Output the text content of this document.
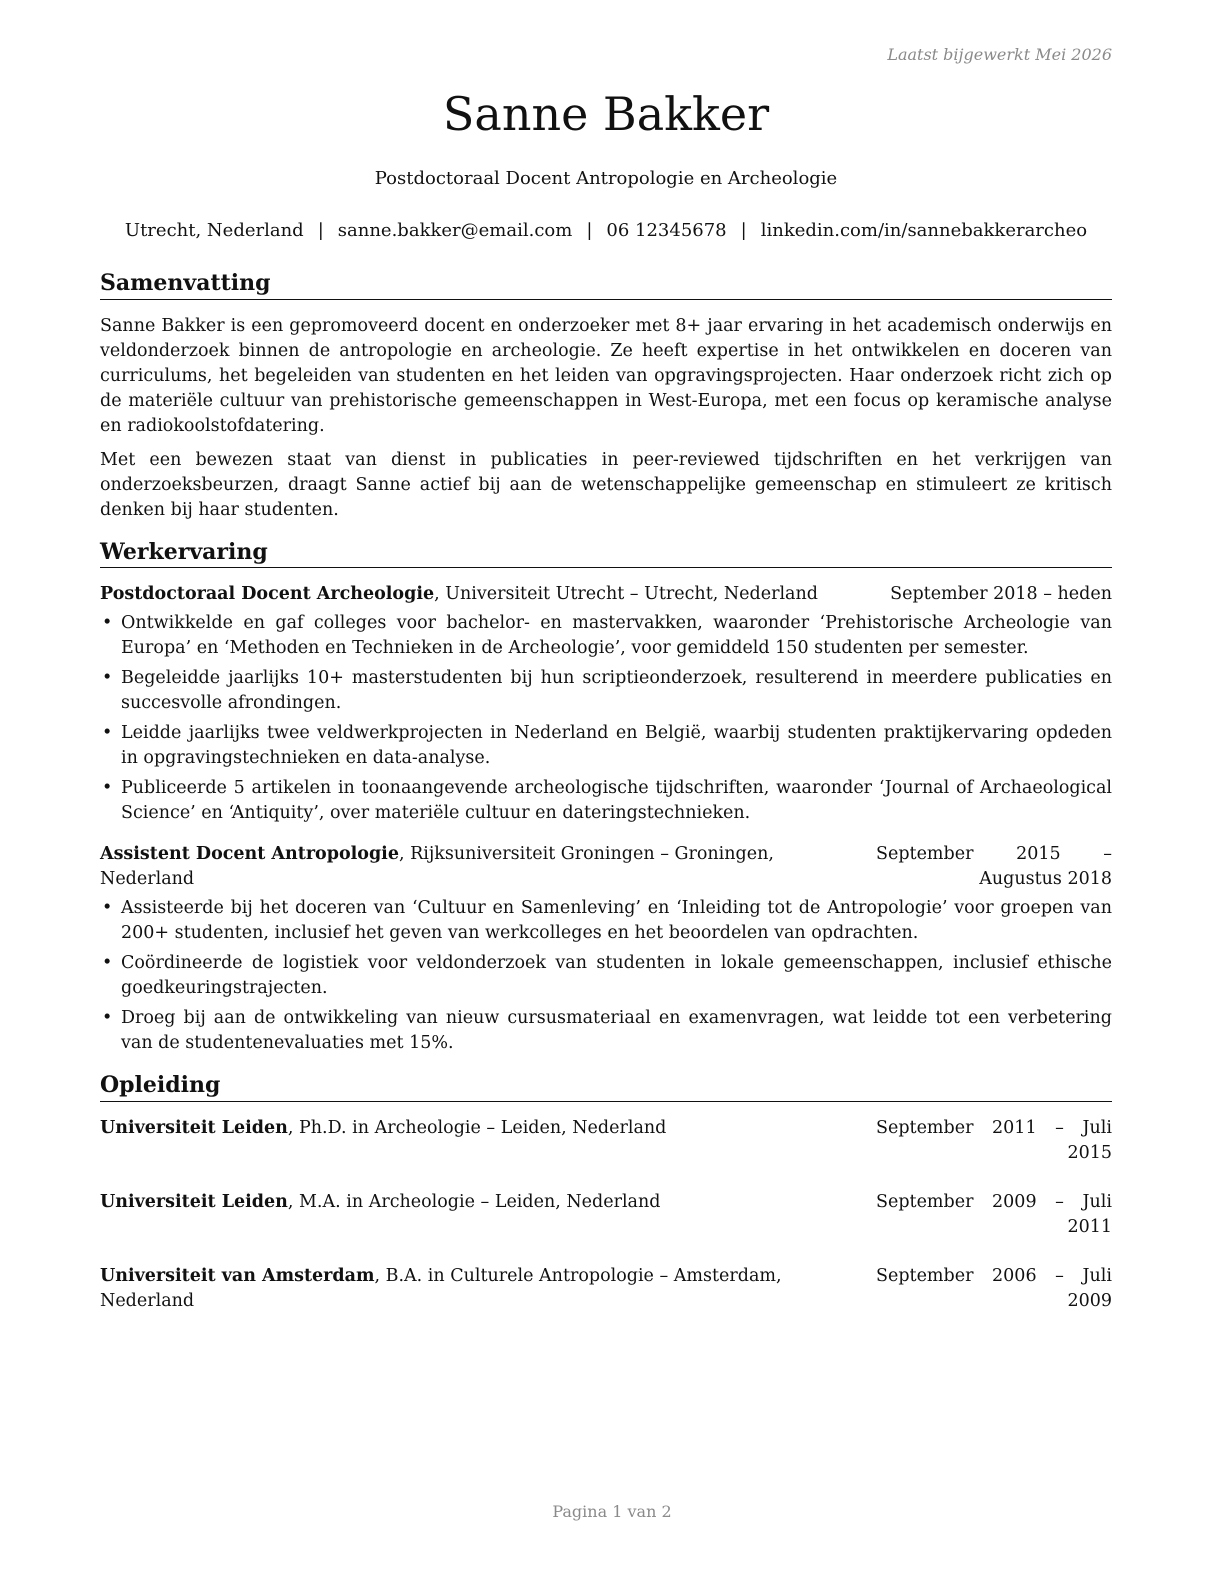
Laatst bijgewerkt Mei 2026
Sanne Bakker
Postdoctoraal Docent Antropologie en Archeologie
Utrecht, Nederland | sanne.bakker@email.com | 06 12345678 | linkedin.com/in/sannebakkerarcheo
Samenvatting

Sanne Bakker is een gepromoveerd docent en onderzoeker met 8+ jaar ervaring in het academisch onderwijs en veldonderzoek binnen de antropologie en archeologie. Ze heeft expertise in het ontwikkelen en doceren van curriculums, het begeleiden van studenten en het leiden van opgravingsprojecten. Haar onderzoek richt zich op de materiële cultuur van prehistorische gemeenschappen in West-Europa, met een focus op keramische analyse en radiokoolstofdatering.

Met een bewezen staat van dienst in publicaties in peer-reviewed tijdschriften en het verkrijgen van onderzoeksbeurzen, draagt Sanne actief bij aan de wetenschappelijke gemeenschap en stimuleert ze kritisch denken bij haar studenten.

Werkervaring
Postdoctoraal Docent Archeologie, Universiteit Utrecht – Utrecht, Nederland	September 2018 – heden
• Ontwikkelde en gaf colleges voor bachelor- en mastervakken, waaronder ‘Prehistorische Archeologie van Europa’ en ‘Methoden en Technieken in de Archeologie’, voor gemiddeld 150 studenten per semester.
• Begeleidde jaarlijks 10+ masterstudenten bij hun scriptieonderzoek, resulterend in meerdere publicaties en succesvolle afrondingen.
• Leidde jaarlijks twee veldwerkprojecten in Nederland en België, waarbij studenten praktijkervaring opdeden in opgravingstechnieken en data-analyse.
• Publiceerde 5 artikelen in toonaangevende archeologische tijdschriften, waaronder ‘Journal of Archaeological Science’ en ‘Antiquity’, over materiële cultuur en dateringstechnieken.
Assistent Docent Antropologie, Rijksuniversiteit Groningen – Groningen, Nederland
September 2015 – Augustus 2018
• Assisteerde bij het doceren van ‘Cultuur en Samenleving’ en ‘Inleiding tot de Antropologie’ voor groepen van 200+ studenten, inclusief het geven van werkcolleges en het beoordelen van opdrachten.
• Coördineerde de logistiek voor veldonderzoek van studenten in lokale gemeenschappen, inclusief ethische goedkeuringstrajecten.
• Droeg bij aan de ontwikkeling van nieuw cursusmateriaal en examenvragen, wat leidde tot een verbetering van de studentenevaluaties met 15%.
Opleiding
Universiteit Leiden, Ph.D. in Archeologie – Leiden, Nederland	September 2011 – Juli 2015
Universiteit Leiden, M.A. in Archeologie – Leiden, Nederland	September 2009 – Juli 2011
Universiteit van Amsterdam, B.A. in Culturele Antropologie – Amsterdam, Nederland
September 2006 – Juli 2009
Pagina 1 van 2
